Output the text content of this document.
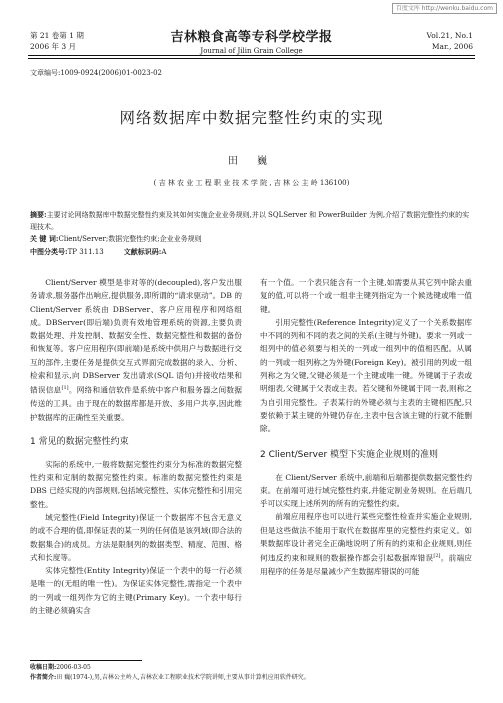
百度文库 http://wenku.baidu.com
第 21 卷第 1 期
2006 年 3 月
吉林粮食高等专科学校学报
Journal of Jilin Grain College
Vol.21, No.1
Mar., 2006
文章编号:1009-0924(2006)01-0023-02
网络数据库中数据完整性约束的实现
田 巍
( 吉 林 农 业 工 程 职 业 技 术 学 院 , 吉 林 公 主 岭 136100)

摘要:主要讨论网络数据库中数据完整性约束及其如何实施企业业务规则,并以 SQLServer 和 PowerBuilder 为例,介绍了数据完整性约束的实现技术。

关 键 词:Client/Server;数据完整性约束;企业业务规则

中图分类号:TP 311.13	文献标识码:A

Client/Server 模型是非对等的(decoupled),客户发出服务请求,服务器作出响应,提供服务,即所谓的“请求驱动”。DB 的 Client/Server 系统由 DBServer、客户应用程序和网络组成。DBServer(即后端)负责有效地管理系统的资源,主要负责数据处理、并发控制、数据安全性、数据完整性和数据的备份和恢复等。客户应用程序(即前端)是系统中供用户与数据进行交互的部件,主要任务是提供交互式界面完成数据的录入、分析、检索和显示,向 DBServer 发出请求(SQL 语句)并接收结果和错误信息[1]。网络和通信软件是系统中客户和服务器之间数据传送的工具。由于现在的数据库都是开放、多用户共享,因此维护数据库的正确性至关重要。

1 常见的数据完整性约束

实际的系统中,一般将数据完整性约束分为标准的数据完整性约束和定制的数据完整性约束。标准的数据完整性约束是 DBS 已经实现的内部规则,包括域完整性、实体完整性和引用完整性。

域完整性(Field Integrity)保证一个数据库不包含无意义的或不合理的值,即保证表的某一列的任何值是该列域(即合法的数据集合)的成员。方法是限制列的数据类型、精度、范围、格式和长度等。

实体完整性(Entity Integrity)保证一个表中的每一行必须是唯一的(无组的唯一性)。为保证实体完整性,需指定一个表中的一列或一组列作为它的主键(Primary Key)。一个表中每行的主键必须确实含

有一个值。一个表只能含有一个主键,如需要从其它列中除去重复的值,可以将一个或一组非主键列指定为一个候选键或唯一值键。

引用完整性(Reference Integrity)定义了一个关系数据库中不同的列和不同的表之间的关系(主键与外键)。要求一列或一组列中的值必须要与相关的一列或一组列中的值相匹配。从属的一列或一组列称之为外键(Foreign Key)。被引用的列或一组列称之为父键,父键必须是一个主键或唯一键。外键属于子表或明细表,父键属于父表或主表。若父键和外键属于同一表,则称之为自引用完整性。子表某行的外键必须与主表的主键相匹配,只要依赖于某主键的外键仍存在,主表中包含该主键的行就不能删除。

2 Client/Server 模型下实施企业规则的准则

在 Client/Server 系统中,前端和后端都提供数据完整性约束。在前端可进行域完整性约束,并能定制业务规则。在后端几乎可以实现上述所列的所有的完整性约束。

前端应用程序也可以进行某些完整性检查并实施企业规则,但是这些做法不能用于取代在数据库里的完整性约束定义。如果数据库设计者完全正确地说明了所有的约束和企业规则,则任何违反约束和规则的数据操作都会引起数据库错误[2]。前端应用程序的任务是尽量减少产生数据库错误的可能

收稿日期:2006-03-05

作者简介:田 巍(1974-),男,吉林公主岭人,吉林农业工程职业技术学院讲师,主要从事计算机应用软件研究。
